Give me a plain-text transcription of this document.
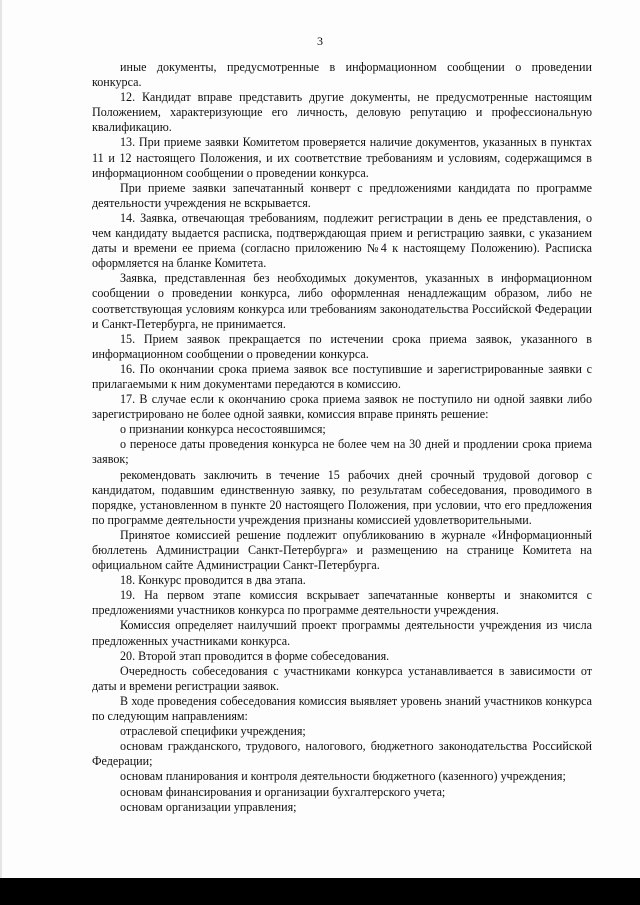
3

иные документы, предусмотренные в информационном сообщении о проведении конкурса.

12. Кандидат вправе представить другие документы, не предусмотренные настоящим Положением, характеризующие его личность, деловую репутацию и профессиональную квалификацию.

13. При приеме заявки Комитетом проверяется наличие документов, указанных в пунктах 11 и 12 настоящего Положения, и их соответствие требованиям и условиям, содержащимся в информационном сообщении о проведении конкурса.

При приеме заявки запечатанный конверт с предложениями кандидата по программе деятельности учреждения не вскрывается.

14. Заявка, отвечающая требованиям, подлежит регистрации в день ее представления, о чем кандидату выдается расписка, подтверждающая прием и регистрацию заявки, с указанием даты и времени ее приема (согласно приложению №4 к настоящему Положению). Расписка оформляется на бланке Комитета.

Заявка, представленная без необходимых документов, указанных в информационном сообщении о проведении конкурса, либо оформленная ненадлежащим образом, либо не соответствующая условиям конкурса или требованиям законодательства Российской Федерации и Санкт-Петербурга, не принимается.

15. Прием заявок прекращается по истечении срока приема заявок, указанного в информационном сообщении о проведении конкурса.

16. По окончании срока приема заявок все поступившие и зарегистрированные заявки с прилагаемыми к ним документами передаются в комиссию.

17. В случае если к окончанию срока приема заявок не поступило ни одной заявки либо зарегистрировано не более одной заявки, комиссия вправе принять решение:

о признании конкурса несостоявшимся;

о переносе даты проведения конкурса не более чем на 30 дней и продлении срока приема заявок;

рекомендовать заключить в течение 15 рабочих дней срочный трудовой договор с кандидатом, подавшим единственную заявку, по результатам собеседования, проводимого в порядке, установленном в пункте 20 настоящего Положения, при условии, что его предложения по программе деятельности учреждения признаны комиссией удовлетворительными.

Принятое комиссией решение подлежит опубликованию в журнале «Информационный бюллетень Администрации Санкт-Петербурга» и размещению на странице Комитета на официальном сайте Администрации Санкт-Петербурга.

18. Конкурс проводится в два этапа.

19. На первом этапе комиссия вскрывает запечатанные конверты и знакомится с предложениями участников конкурса по программе деятельности учреждения.

Комиссия определяет наилучший проект программы деятельности учреждения из числа предложенных участниками конкурса.

20. Второй этап проводится в форме собеседования.

Очередность собеседования с участниками конкурса устанавливается в зависимости от даты и времени регистрации заявок.

В ходе проведения собеседования комиссия выявляет уровень знаний участников конкурса по следующим направлениям:

отраслевой специфики учреждения;

основам гражданского, трудового, налогового, бюджетного законодательства Российской Федерации;

основам планирования и контроля деятельности бюджетного (казенного) учреждения;

основам финансирования и организации бухгалтерского учета;

основам организации управления;
